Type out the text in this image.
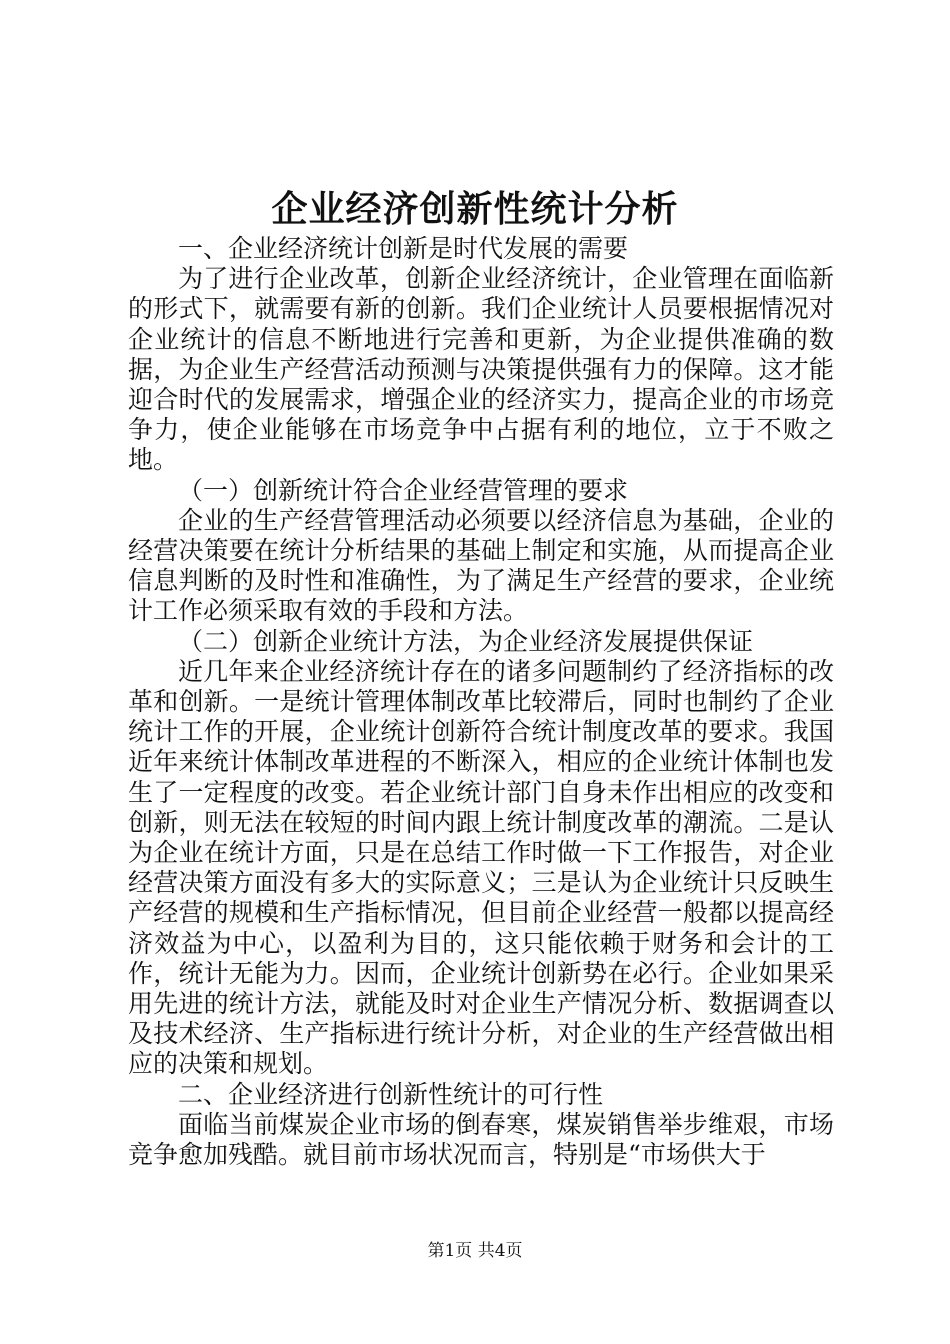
企业经济创新性统计分析

一、企业经济统计创新是时代发展的需要

为了进行企业改革，创新企业经济统计，企业管理在面临新的形式下，就需要有新的创新。我们企业统计人员要根据情况对企业统计的信息不断地进行完善和更新，为企业提供准确的数据，为企业生产经营活动预测与决策提供强有力的保障。这才能迎合时代的发展需求，增强企业的经济实力，提高企业的市场竞争力，使企业能够在市场竞争中占据有利的地位，立于不败之地。

（一）创新统计符合企业经营管理的要求

企业的生产经营管理活动必须要以经济信息为基础，企业的经营决策要在统计分析结果的基础上制定和实施，从而提高企业信息判断的及时性和准确性，为了满足生产经营的要求，企业统计工作必须采取有效的手段和方法。

（二）创新企业统计方法，为企业经济发展提供保证

近几年来企业经济统计存在的诸多问题制约了经济指标的改革和创新。一是统计管理体制改革比较滞后，同时也制约了企业统计工作的开展，企业统计创新符合统计制度改革的要求。我国近年来统计体制改革进程的不断深入，相应的企业统计体制也发生了一定程度的改变。若企业统计部门自身未作出相应的改变和创新，则无法在较短的时间内跟上统计制度改革的潮流。二是认为企业在统计方面，只是在总结工作时做一下工作报告，对企业经营决策方面没有多大的实际意义；三是认为企业统计只反映生产经营的规模和生产指标情况，但目前企业经营一般都以提高经济效益为中心，以盈利为目的，这只能依赖于财务和会计的工作，统计无能为力。因而，企业统计创新势在必行。企业如果采用先进的统计方法，就能及时对企业生产情况分析、数据调查以及技术经济、生产指标进行统计分析，对企业的生产经营做出相应的决策和规划。

二、企业经济进行创新性统计的可行性

面临当前煤炭企业市场的倒春寒，煤炭销售举步维艰，市场竞争愈加残酷。就目前市场状况而言，特别是“市场供大于

第1页 共4页
